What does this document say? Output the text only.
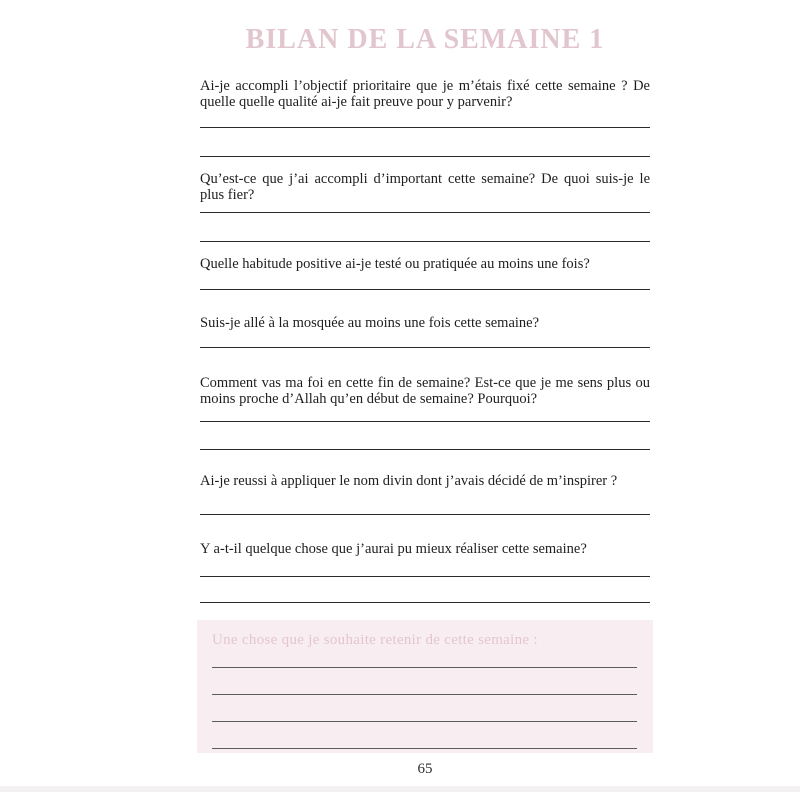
BILAN DE LA SEMAINE 1
Ai-je accompli l’objectif prioritaire que je m’étais fixé cette semaine ? De quelle quelle qualité ai-je fait preuve pour y parvenir?
Qu’est-ce que j’ai accompli d’important cette semaine? De quoi suis-je le plus fier?
Quelle habitude positive ai-je testé ou pratiquée au moins une fois?
Suis-je allé à la mosquée au moins une fois cette semaine?
Comment vas ma foi en cette fin de semaine? Est-ce que je me sens plus ou moins proche d’Allah qu’en début de semaine? Pourquoi?
Ai-je reussi à appliquer le nom divin dont j’avais décidé de m’inspirer ?
Y a-t-il quelque chose que j’aurai pu mieux réaliser cette semaine?
Une chose que je souhaite retenir de cette semaine :
65
